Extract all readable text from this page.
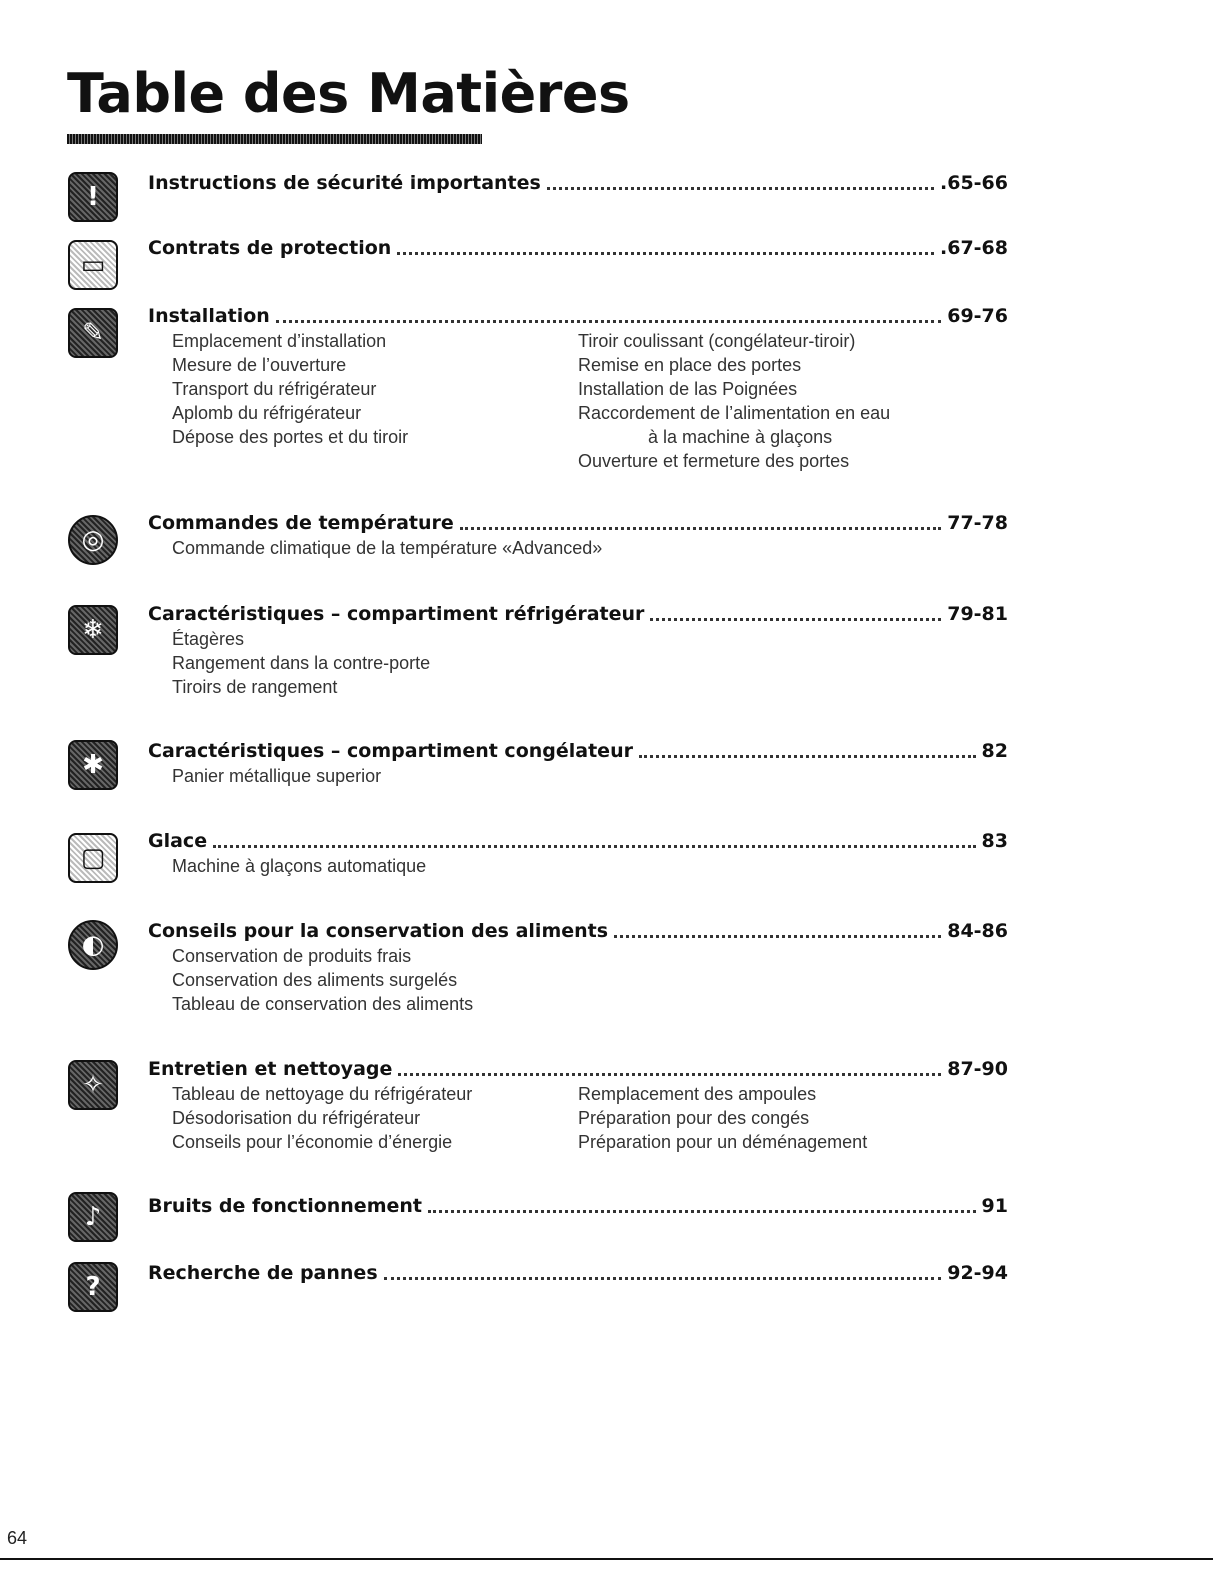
Table des Matières
!	Instructions de sécurité importantes	.65-66
▭
Contrats de protection	.67-68
✎
Installation	69-76
Emplacement d’installation
Mesure de l’ouverture
Transport du réfrigérateur
Aplomb du réfrigérateur
Dépose des portes et du tiroir
Tiroir coulissant (congélateur-tiroir)
Remise en place des portes
Installation de las Poignées
Raccordement de l’alimentation en eau
à la machine à glaçons
Ouverture et fermeture des portes
◎
Commandes de température	77-78
Commande climatique de la température «Advanced»
❄
Caractéristiques – compartiment réfrigérateur	79-81
Étagères
Rangement dans la contre-porte
Tiroirs de rangement
✱	Caractéristiques – compartiment congélateur	82
Panier métallique superior
▢
Glace	83
Machine à glaçons automatique
◐	Conseils pour la conservation des aliments	84-86
Conservation de produits frais
Conservation des aliments surgelés
Tableau de conservation des aliments
✧
Entretien et nettoyage	87-90
Tableau de nettoyage du réfrigérateur
Désodorisation du réfrigérateur
Conseils pour l’économie d’énergie
Remplacement des ampoules
Préparation pour des congés
Préparation pour un déménagement
♪	Bruits de fonctionnement	91
?	Recherche de pannes	92-94
64
